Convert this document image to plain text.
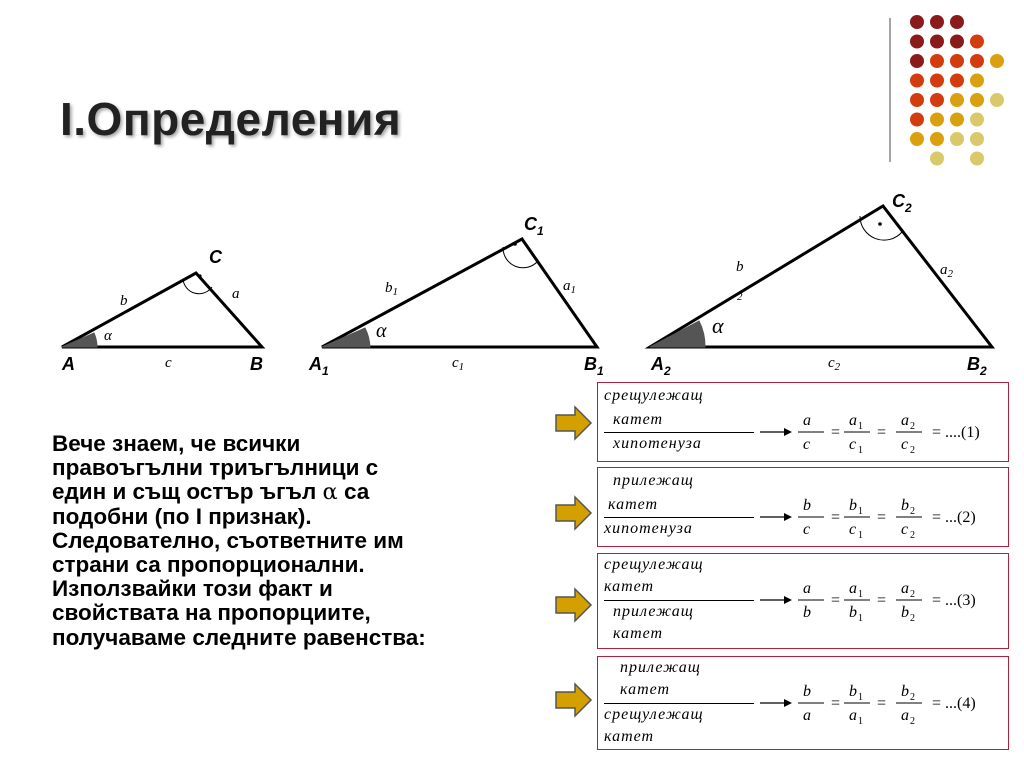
I.Определения
A	B
C
b	a
c
α
$A_1$	$B_1$
$C_1$
$b_1$	$a_1$
$c_1$
α
$A_2$	$B_2$
$C_2$
b
2
$a_2$
$c_2$
α
Вече знаем, че всички
правоъгълни триъгълници с
един и същ остър ъгъл α са
подобни (по I признак).
Следователно, съответните им
страни са пропорционални.
Използвайки този факт и
свойствата на пропорциите,
получаваме следните равенства:
срещулежащ
катет
хипотенуза
a
c
=
a 1
c 1
=
a 2
c 2
= ....(1)
прилежащ
катет
хипотенуза
b
c
=
b 1
c 1
=
b 2
c 2
= ...(2)
срещулежащ
катет
прилежащ
катет
a
b
=
a 1
b 1
=
a 2
b 2
= ...(3)
прилежащ
катет
срещулежащ
катет
b
a
=
b 1
a 1
=
b 2
a 2
= ...(4)
